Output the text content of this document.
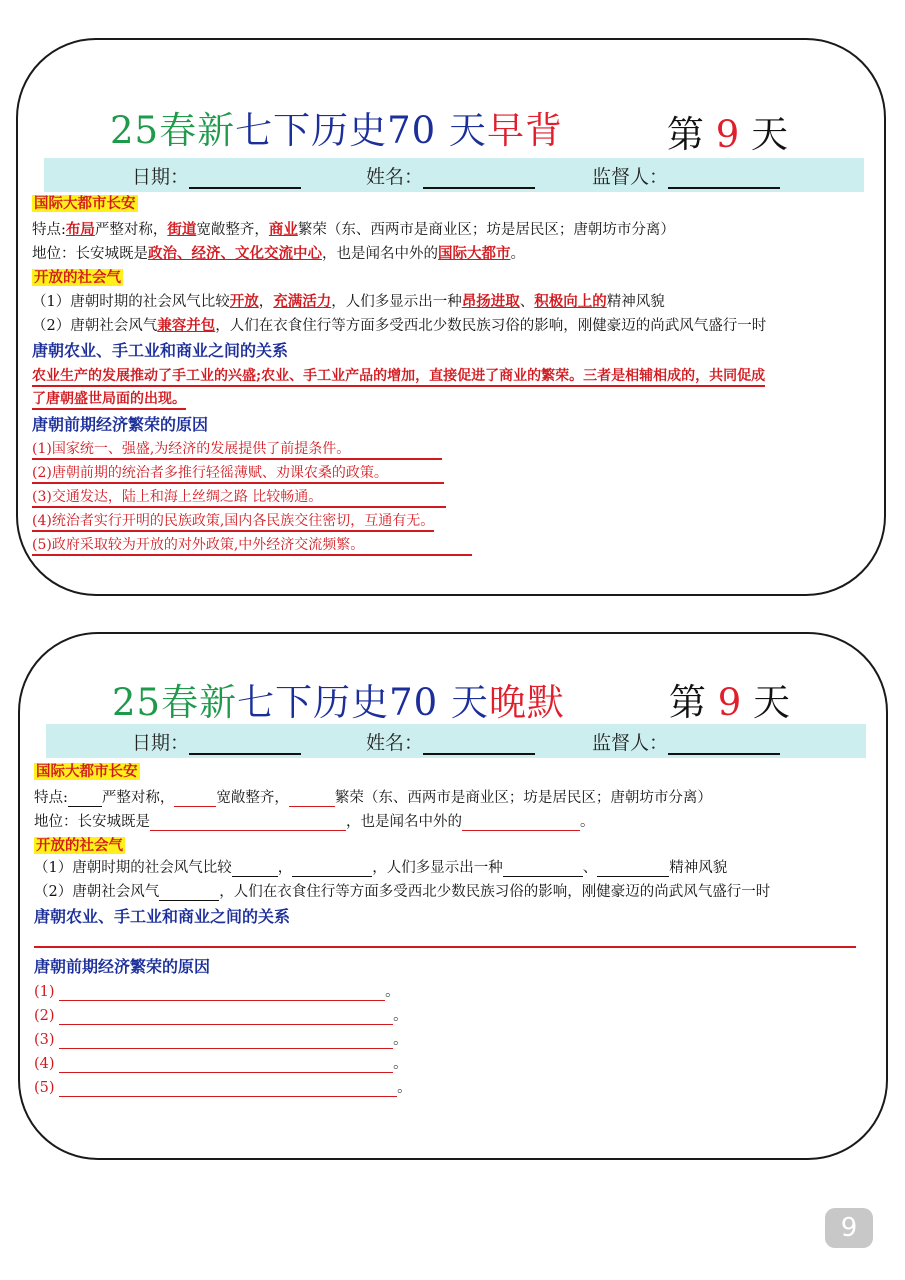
25春新七下历史70 天早背	第 9 天
日期：	姓名：	监督人：
国际大都市长安
特点:布局严整对称，街道宽敞整齐，商业繁荣（东、西两市是商业区；坊是居民区；唐朝坊市分离）
地位：长安城既是政治、经济、文化交流中心，也是闻名中外的国际大都市。
开放的社会气
（1）唐朝时期的社会风气比较开放，充满活力，人们多显示出一种昂扬进取、积极向上的精神风貌
（2）唐朝社会风气兼容并包，人们在衣食住行等方面多受西北少数民族习俗的影响，刚健豪迈的尚武风气盛行一时
唐朝农业、手工业和商业之间的关系
农业生产的发展推动了手工业的兴盛;农业、手工业产品的增加，直接促进了商业的繁荣。三者是相辅相成的，共同促成
了唐朝盛世局面的出现。
唐朝前期经济繁荣的原因
(1)国家统一、强盛,为经济的发展提供了前提条件。
(2)唐朝前期的统治者多推行轻徭薄赋、劝课农桑的政策。
(3)交通发达，陆上和海上丝绸之路 比较畅通。
(4)统治者实行开明的民族政策,国内各民族交往密切，互通有无。
(5)政府采取较为开放的对外政策,中外经济交流频繁。
25春新七下历史70 天晚默	第 9 天
日期：	姓名：	监督人：
国际大都市长安
特点: 严整对称，	宽敞整齐，	繁荣（东、西两市是商业区；坊是居民区；唐朝坊市分离）
地位：长安城既是	，也是闻名中外的	。
开放的社会气
（1）唐朝时期的社会风气比较	，	，人们多显示出一种	、	精神风貌
（2）唐朝社会风气	，人们在衣食住行等方面多受西北少数民族习俗的影响，刚健豪迈的尚武风气盛行一时
唐朝农业、手工业和商业之间的关系
唐朝前期经济繁荣的原因
(1)	。
(2)	。
(3)	。
(4)	。
(5)	。
9
